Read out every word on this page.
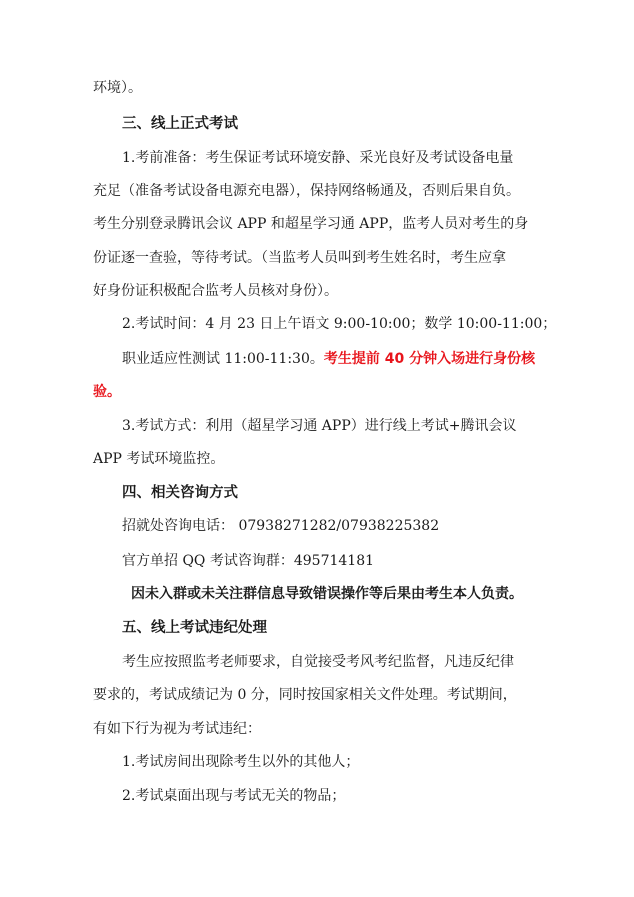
环境）。
三、线上正式考试
1.考前准备：考生保证考试环境安静、采光良好及考试设备电量
充足（准备考试设备电源充电器），保持网络畅通及，否则后果自负。
考生分别登录腾讯会议 APP 和超星学习通 APP，监考人员对考生的身
份证逐一查验，等待考试。（当监考人员叫到考生姓名时，考生应拿
好身份证积极配合监考人员核对身份）。
2.考试时间：4 月 23 日上午语文 9:00-10:00；数学 10:00-11:00；
职业适应性测试 11:00-11:30。考生提前 40 分钟入场进行身份核
验。
3.考试方式：利用（超星学习通 APP）进行线上考试+腾讯会议
APP 考试环境监控。
四、相关咨询方式
招就处咨询电话： 07938271282/07938225382
官方单招 QQ 考试咨询群：495714181
因未入群或未关注群信息导致错误操作等后果由考生本人负责。
五、线上考试违纪处理
考生应按照监考老师要求，自觉接受考风考纪监督，凡违反纪律
要求的，考试成绩记为 0 分，同时按国家相关文件处理。考试期间，
有如下行为视为考试违纪：
1.考试房间出现除考生以外的其他人；
2.考试桌面出现与考试无关的物品；
